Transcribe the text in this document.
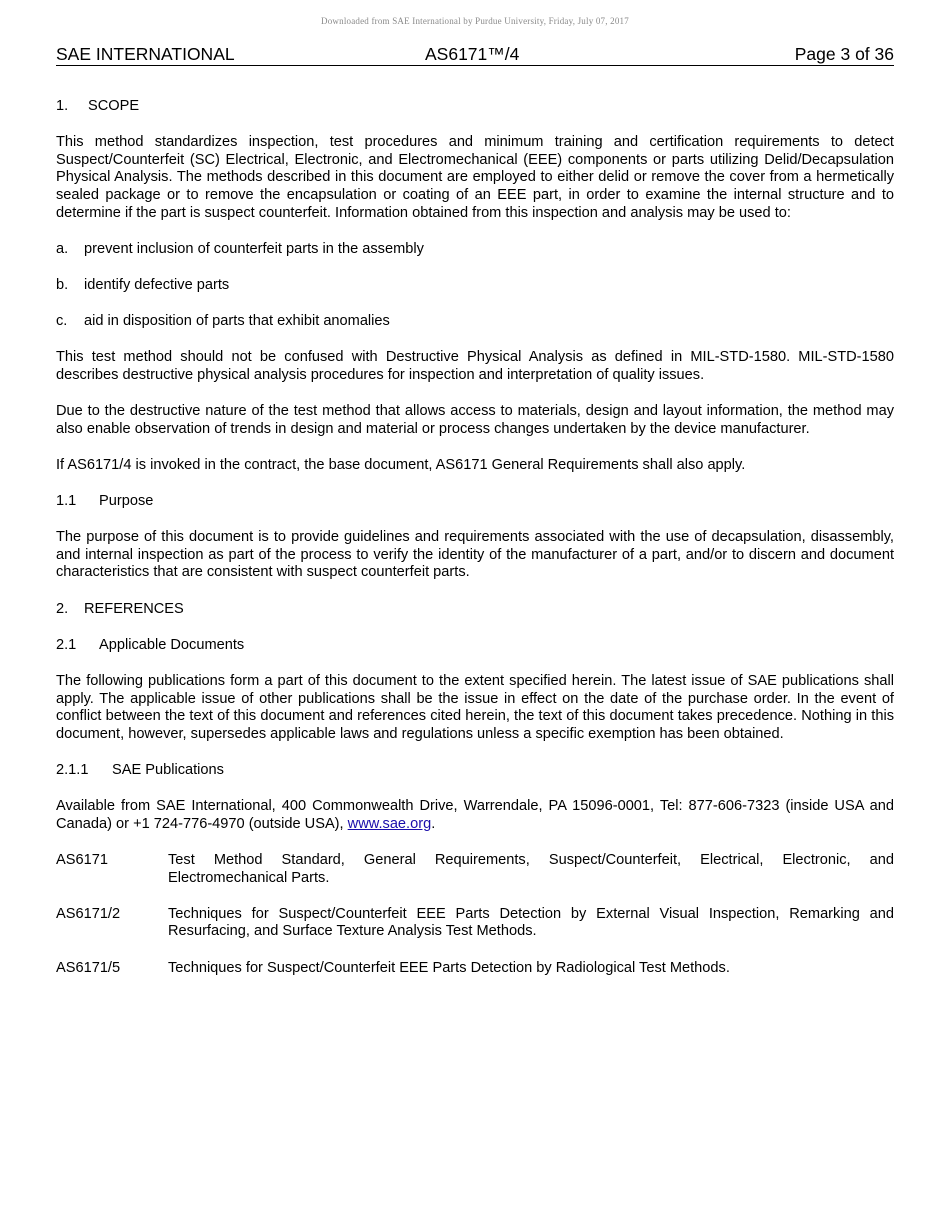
Downloaded from SAE International by Purdue University, Friday, July 07, 2017
SAE INTERNATIONAL	AS6171™/4	Page 3 of 36
1. SCOPE

This method standardizes inspection, test procedures and minimum training and certification requirements to detect Suspect/Counterfeit (SC) Electrical, Electronic, and Electromechanical (EEE) components or parts utilizing Delid/Decapsulation Physical Analysis. The methods described in this document are employed to either delid or remove the cover from a hermetically sealed package or to remove the encapsulation or coating of an EEE part, in order to examine the internal structure and to determine if the part is suspect counterfeit. Information obtained from this inspection and analysis may be used to:

a.	prevent inclusion of counterfeit parts in the assembly
b.	identify defective parts
c.	aid in disposition of parts that exhibit anomalies

This test method should not be confused with Destructive Physical Analysis as defined in MIL-STD-1580. MIL-STD-1580 describes destructive physical analysis procedures for inspection and interpretation of quality issues.

Due to the destructive nature of the test method that allows access to materials, design and layout information, the method may also enable observation of trends in design and material or process changes undertaken by the device manufacturer.

If AS6171/4 is invoked in the contract, the base document, AS6171 General Requirements shall also apply.

1.1 Purpose

The purpose of this document is to provide guidelines and requirements associated with the use of decapsulation, disassembly, and internal inspection as part of the process to verify the identity of the manufacturer of a part, and/or to discern and document characteristics that are consistent with suspect counterfeit parts.

2. REFERENCES
2.1 Applicable Documents

The following publications form a part of this document to the extent specified herein. The latest issue of SAE publications shall apply. The applicable issue of other publications shall be the issue in effect on the date of the purchase order. In the event of conflict between the text of this document and references cited herein, the text of this document takes precedence. Nothing in this document, however, supersedes applicable laws and regulations unless a specific exemption has been obtained.

2.1.1 SAE Publications

Available from SAE International, 400 Commonwealth Drive, Warrendale, PA 15096-0001, Tel: 877-606-7323 (inside USA and Canada) or +1 724-776-4970 (outside USA), www.sae.org.

AS6171	Test Method Standard, General Requirements, Suspect/Counterfeit, Electrical, Electronic, and Electromechanical Parts.
AS6171/2	Techniques for Suspect/Counterfeit EEE Parts Detection by External Visual Inspection, Remarking and Resurfacing, and Surface Texture Analysis Test Methods.
AS6171/5	Techniques for Suspect/Counterfeit EEE Parts Detection by Radiological Test Methods.
